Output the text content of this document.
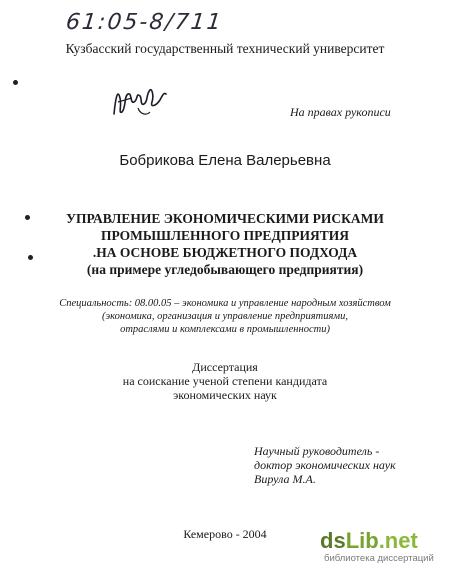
61:05-8/711
Кузбасский государственный технический университет
На правах рукописи
Бобрикова Елена Валерьевна
УПРАВЛЕНИЕ ЭКОНОМИЧЕСКИМИ РИСКАМИ
ПРОМЫШЛЕННОГО ПРЕДПРИЯТИЯ
.НА ОСНОВЕ БЮДЖЕТНОГО ПОДХОДА
(на примере угледобывающего предприятия)
Специальность: 08.00.05 – экономика и управление народным хозяйством
(экономика, организация и управление предприятиями,
отраслями и комплексами в промышленности)
Диссертация
на соискание ученой степени кандидата
экономических наук
Научный руководитель -
доктор экономических наук
Вирула М.А.
Кемерово - 2004	dsLib.net
библиотека диссертаций
